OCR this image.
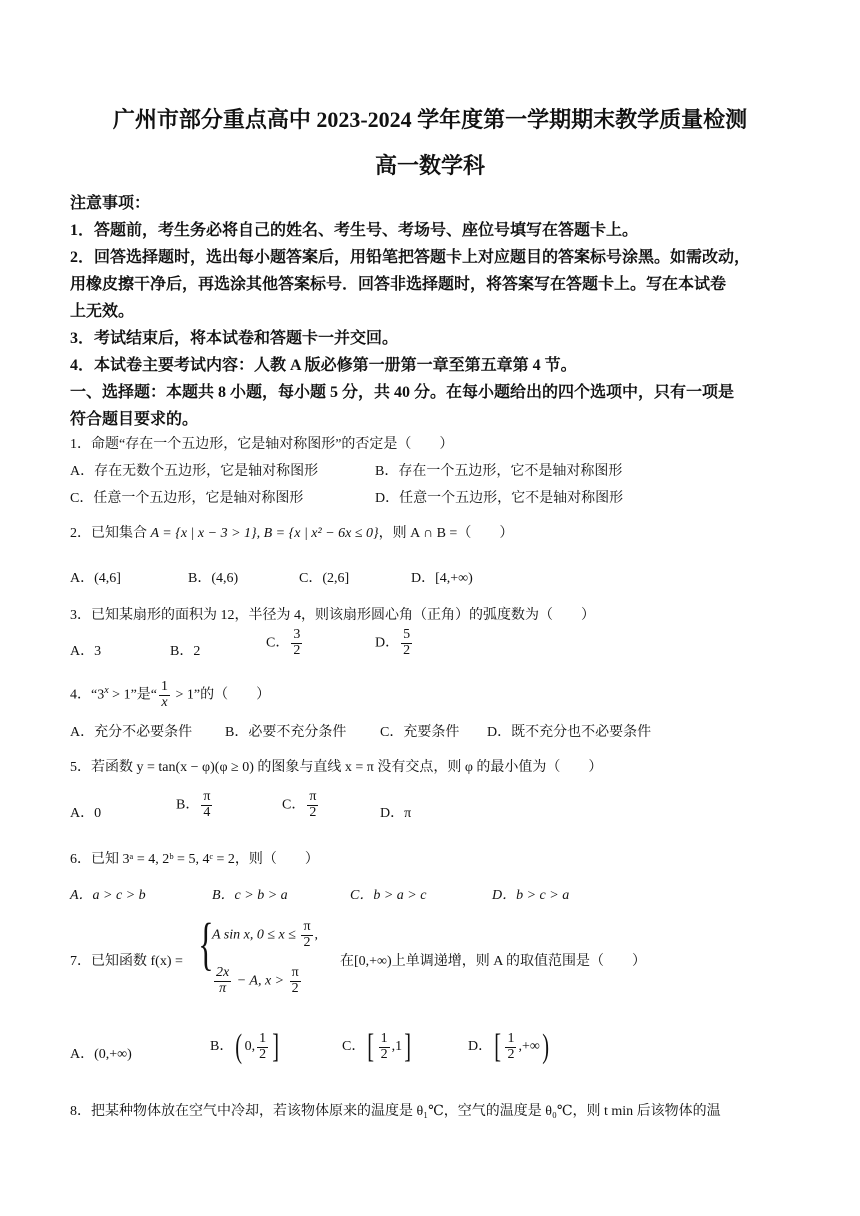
广州市部分重点高中 2023-2024 学年度第一学期期末教学质量检测
高一数学科
注意事项：
1．答题前，考生务必将自己的姓名、考生号、考场号、座位号填写在答题卡上。
2．回答选择题时，选出每小题答案后，用铅笔把答题卡上对应题目的答案标号涂黑。如需改动，
用橡皮擦干净后，再选涂其他答案标号．回答非选择题时，将答案写在答题卡上。写在本试卷
上无效。
3．考试结束后，将本试卷和答题卡一并交回。
4．本试卷主要考试内容：人教 A 版必修第一册第一章至第五章第 4 节。
一、选择题：本题共 8 小题，每小题 5 分，共 40 分。在每小题给出的四个选项中，只有一项是
符合题目要求的。
1．命题“存在一个五边形，它是轴对称图形”的否定是（　　）
A．存在无数个五边形，它是轴对称图形	B．存在一个五边形，它不是轴对称图形
C．任意一个五边形，它是轴对称图形	D．任意一个五边形，它不是轴对称图形
2．已知集合 A = {x | x − 3 > 1}, B = {x | x² − 6x ≤ 0}，则 A ∩ B =（　　）
A．(4,6]	B．(4,6)	C．(2,6]	D．[4,+∞)
3．已知某扇形的面积为 12，半径为 4，则该扇形圆心角（正角）的弧度数为（　　）
A．3	B．2
C． $\frac{3}{2}$	D． $\frac{5}{2}$
4．“$3^x > 1$”是“ $\frac{1}{x} > 1$”的（　　）
A．充分不必要条件 B．必要不充分条件 C．充要条件 D．既不充分也不必要条件
5．若函数 y = tan(x − φ)(φ ≥ 0) 的图象与直线 x = π 没有交点，则 φ 的最小值为（　　）
A．0
B． $\frac{\pi}{4}$	C． $\frac{\pi}{2}$	D．π
6．已知 3ᵃ = 4, 2ᵇ = 5, 4ᶜ = 2，则（　　）
A．a > c > b	B．c > b > a	C．b > a > c	D．b > c > a
7．已知函数 f(x) = {
A sin x, $0 \le x \le \frac{\pi}{2}$ ,
$\frac{2x}{\pi} - A$, $x > \frac{\pi}{2}$
在[0,+∞)上单调递增，则 A 的取值范围是（　　）
A．(0,+∞)
B．( 0, $\frac{1}{2}$ ]	C．[ $\frac{1}{2} ,1$]	D．[ $\frac{1}{2}$ ,+∞)
8．把某种物体放在空气中冷却，若该物体原来的温度是 θ₁℃，空气的温度是 θ₀℃，则 t min 后该物体的温
